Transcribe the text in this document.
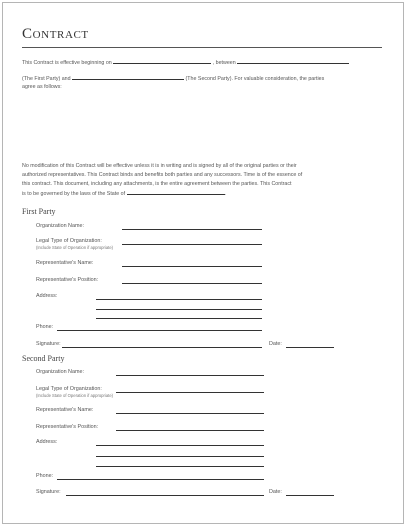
Contract
This Contract is effective beginning on	, between
(The First Party) and	(The Second Party). For valuable consideration, the parties
agree as follows:
No modification of this Contract will be effective unless it is in writing and is signed by all of the original parties or their
authorized representatives. This Contract binds and benefits both parties and any successors. Time is of the essence of
this contract. This document, including any attachments, is the entire agreement between the parties. This Contract
is to be governed by the laws of the State of	.
First Party
Organization Name:
Legal Type of Organization:
(Include State of Operation if appropriate)
Representative's Name:
Representative's Position:
Address:
Phone:
Signature:	Date:
Second Party
Organization Name:
Legal Type of Organization:
(Include State of Operation if appropriate)
Representative's Name:
Representative's Position:
Address:
Phone:
Signature:	Date:
